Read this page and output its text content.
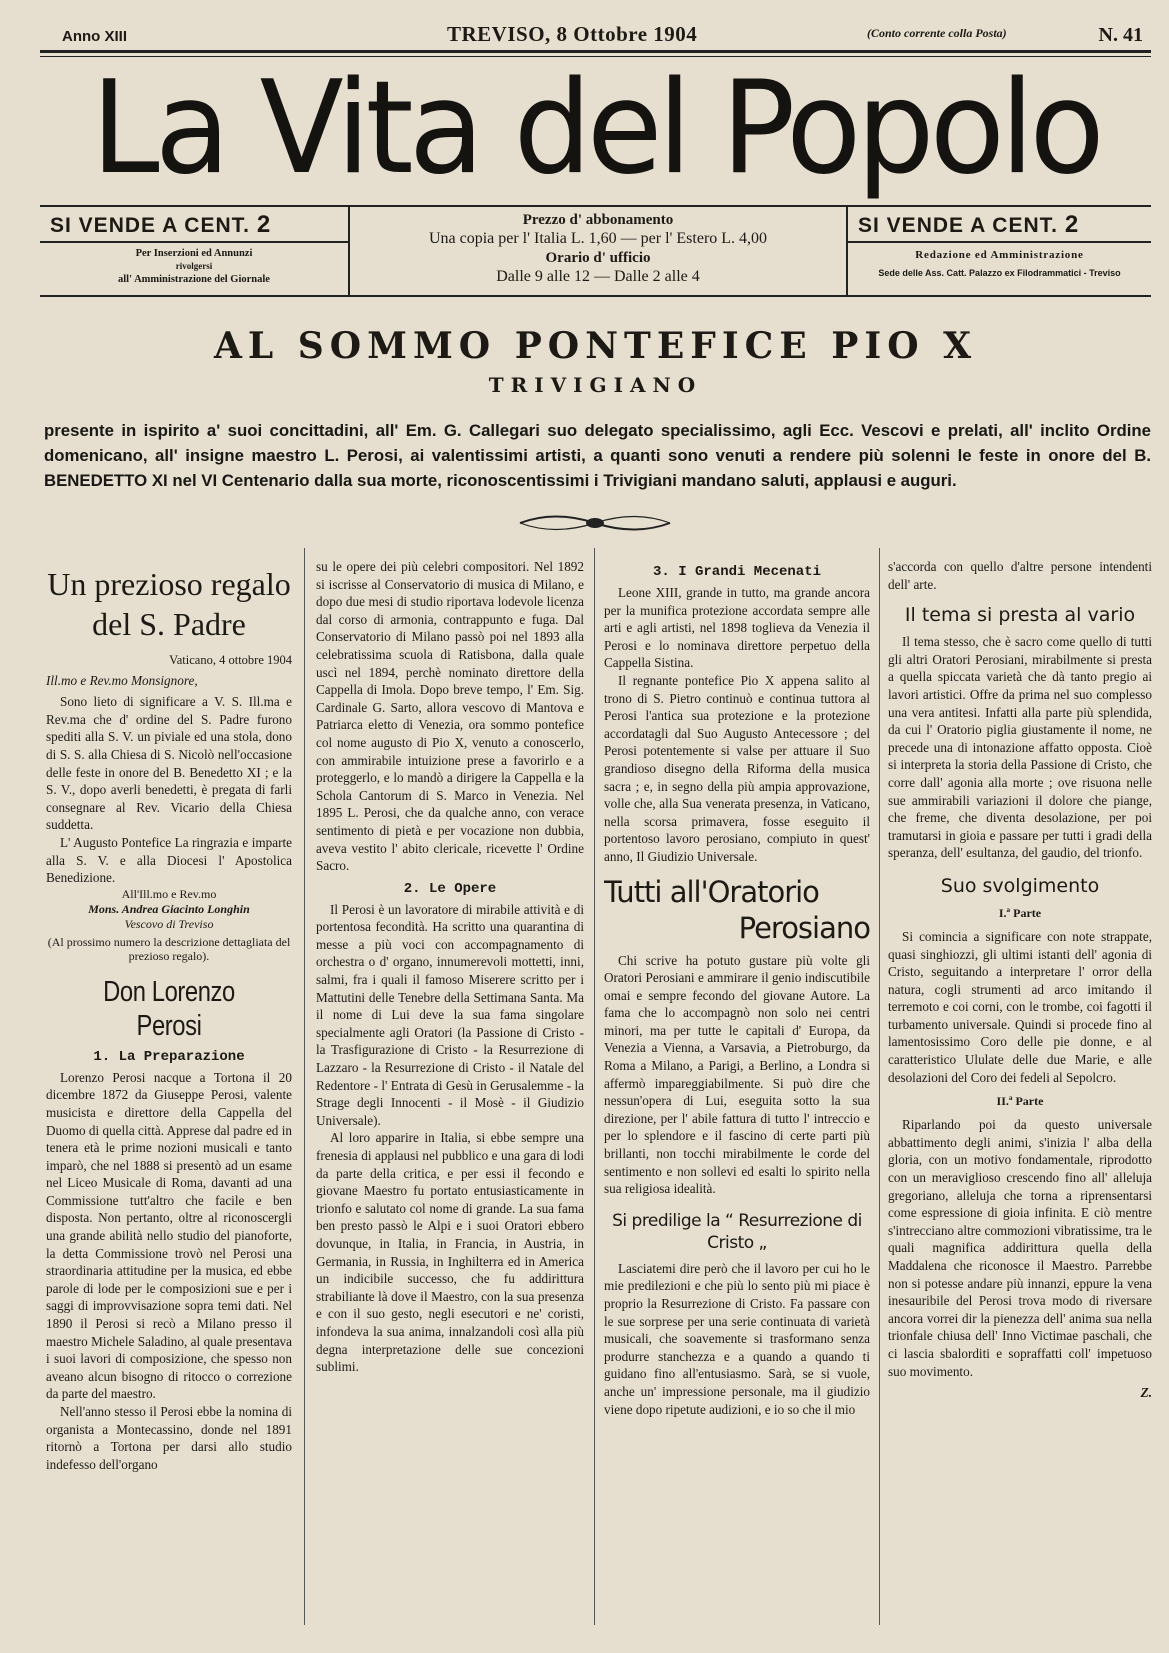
Anno XIII	TREVISO, 8 Ottobre 1904	(Conto corrente colla Posta)	N. 41
La Vita del Popolo
SI VENDE A CENT. 2
Per Inserzioni ed Annunzi
rivolgersi
all' Amministrazione del Giornale
Prezzo d' abbonamento
Una copia per l' Italia L. 1,60 — per l' Estero L. 4,00
Orario d' ufficio
Dalle 9 alle 12 — Dalle 2 alle 4
SI VENDE A CENT. 2
Redazione ed Amministrazione
Sede delle Ass. Catt. Palazzo ex Filodrammatici - Treviso
AL SOMMO PONTEFICE PIO X
TRIVIGIANO
presente in ispirito a' suoi concittadini, all' Em. G. Callegari suo delegato specialissimo, agli Ecc. Vescovi e prelati, all' inclito Ordine domenicano, all' insigne maestro L. Perosi, ai valentissimi artisti, a quanti sono venuti a rendere più solenni le feste in onore del B. BENEDETTO XI nel VI Centenario dalla sua morte, riconoscentissimi i Trivigiani mandano saluti, applausi e auguri.
Un prezioso regalo del S. Padre
Vaticano, 4 ottobre 1904
Ill.mo e Rev.mo Monsignore,

Sono lieto di significare a V. S. Ill.ma e Rev.ma che d' ordine del S. Padre furono spediti alla S. V. un piviale ed una stola, dono di S. S. alla Chiesa di S. Nicolò nell'occasione delle feste in onore del B. Benedetto XI ; e la S. V., dopo averli benedetti, è pregata di farli consegnare al Rev. Vicario della Chiesa suddetta.

L' Augusto Pontefice La ringrazia e imparte alla S. V. e alla Diocesi l' Apostolica Benedizione.

All'Ill.mo e Rev.mo
Mons. Andrea Giacinto Longhin
Vescovo di Treviso
(Al prossimo numero la descrizione dettagliata del prezioso regalo).
Don Lorenzo Perosi
1. La Preparazione

Lorenzo Perosi nacque a Tortona il 20 dicembre 1872 da Giuseppe Perosi, valente musicista e direttore della Cappella del Duomo di quella città. Apprese dal padre ed in tenera età le prime nozioni musicali e tanto imparò, che nel 1888 si presentò ad un esame nel Liceo Musicale di Roma, davanti ad una Commissione tutt'altro che facile e ben disposta. Non pertanto, oltre al riconoscergli una grande abilità nello studio del pianoforte, la detta Commissione trovò nel Perosi una straordinaria attitudine per la musica, ed ebbe parole di lode per le composizioni sue e per i saggi di improvvisazione sopra temi dati. Nel 1890 il Perosi si recò a Milano presso il maestro Michele Saladino, al quale presentava i suoi lavori di composizione, che spesso non aveano alcun bisogno di ritocco o correzione da parte del maestro.

Nell'anno stesso il Perosi ebbe la nomina di organista a Montecassino, donde nel 1891 ritornò a Tortona per darsi allo studio indefesso dell'organo

su le opere dei più celebri compositori. Nel 1892 si iscrisse al Conservatorio di musica di Milano, e dopo due mesi di studio riportava lodevole licenza dal corso di armonia, contrappunto e fuga. Dal Conservatorio di Milano passò poi nel 1893 alla celebratissima scuola di Ratisbona, dalla quale uscì nel 1894, perchè nominato direttore della Cappella di Imola. Dopo breve tempo, l' Em. Sig. Cardinale G. Sarto, allora vescovo di Mantova e Patriarca eletto di Venezia, ora sommo pontefice col nome augusto di Pio X, venuto a conoscerlo, con ammirabile intuizione prese a favorirlo e a proteggerlo, e lo mandò a dirigere la Cappella e la Schola Cantorum di S. Marco in Venezia. Nel 1895 L. Perosi, che da qualche anno, con verace sentimento di pietà e per vocazione non dubbia, aveva vestito l' abito clericale, ricevette l' Ordine Sacro.

2. Le Opere

Il Perosi è un lavoratore di mirabile attività e di portentosa fecondità. Ha scritto una quarantina di messe a più voci con accompagnamento di orchestra o d' organo, innumerevoli mottetti, inni, salmi, fra i quali il famoso Miserere scritto per i Mattutini delle Tenebre della Settimana Santa. Ma il nome di Lui deve la sua fama singolare specialmente agli Oratori (la Passione di Cristo - la Trasfigurazione di Cristo - la Resurrezione di Lazzaro - la Resurrezione di Cristo - il Natale del Redentore - l' Entrata di Gesù in Gerusalemme - la Strage degli Innocenti - il Mosè - il Giudizio Universale).

Al loro apparire in Italia, si ebbe sempre una frenesia di applausi nel pubblico e una gara di lodi da parte della critica, e per essi il fecondo e giovane Maestro fu portato entusiasticamente in trionfo e salutato col nome di grande. La sua fama ben presto passò le Alpi e i suoi Oratori ebbero dovunque, in Italia, in Francia, in Austria, in Germania, in Russia, in Inghilterra ed in America un indicibile successo, che fu addirittura strabiliante là dove il Maestro, con la sua presenza e con il suo gesto, negli esecutori e ne' coristi, infondeva la sua anima, innalzandoli così alla più degna interpretazione delle sue concezioni sublimi.

3. I Grandi Mecenati

Leone XIII, grande in tutto, ma grande ancora per la munifica protezione accordata sempre alle arti e agli artisti, nel 1898 toglieva da Venezia il Perosi e lo nominava direttore perpetuo della Cappella Sistina.

Il regnante pontefice Pio X appena salito al trono di S. Pietro continuò e continua tuttora al Perosi l'antica sua protezione e la protezione accordatagli dal Suo Augusto Antecessore ; del Perosi potentemente si valse per attuare il Suo grandioso disegno della Riforma della musica sacra ; e, in segno della più ampia approvazione, volle che, alla Sua venerata presenza, in Vaticano, nella scorsa primavera, fosse eseguito il portentoso lavoro perosiano, compiuto in quest' anno, Il Giudizio Universale.

Tutti all'Oratorio
Perosiano

Chi scrive ha potuto gustare più volte gli Oratori Perosiani e ammirare il genio indiscutibile omai e sempre fecondo del giovane Autore. La fama che lo accompagnò non solo nei centri minori, ma per tutte le capitali d' Europa, da Venezia a Vienna, a Varsavia, a Pietroburgo, da Roma a Milano, a Parigi, a Berlino, a Londra si affermò impareggiabilmente. Si può dire che nessun'opera di Lui, eseguita sotto la sua direzione, per l' abile fattura di tutto l' intreccio e per lo splendore e il fascino di certe parti più brillanti, non tocchi mirabilmente le corde del sentimento e non sollevi ed esalti lo spirito nella sua religiosa idealità.

Si predilige la “ Resurrezione di Cristo „

Lasciatemi dire però che il lavoro per cui ho le mie predilezioni e che più lo sento più mi piace è proprio la Resurrezione di Cristo. Fa passare con le sue sorprese per una serie continuata di varietà musicali, che soavemente si trasformano senza produrre stanchezza e a quando a quando ti guidano fino all'entusiasmo. Sarà, se si vuole, anche un' impressione personale, ma il giudizio viene dopo ripetute audizioni, e io so che il mio

s'accorda con quello d'altre persone intendenti dell' arte.

Il tema si presta al vario

Il tema stesso, che è sacro come quello di tutti gli altri Oratori Perosiani, mirabilmente si presta a quella spiccata varietà che dà tanto pregio ai lavori artistici. Offre da prima nel suo complesso una vera antitesi. Infatti alla parte più splendida, da cui l' Oratorio piglia giustamente il nome, ne precede una di intonazione affatto opposta. Cioè si interpreta la storia della Passione di Cristo, che corre dall' agonia alla morte ; ove risuona nelle sue ammirabili variazioni il dolore che piange, che freme, che diventa desolazione, per poi tramutarsi in gioia e passare per tutti i gradi della speranza, dell' esultanza, del gaudio, del trionfo.

Suo svolgimento
I.ª Parte

Si comincia a significare con note strappate, quasi singhiozzi, gli ultimi istanti dell' agonia di Cristo, seguitando a interpretare l' orror della natura, cogli strumenti ad arco imitando il terremoto e coi corni, con le trombe, coi fagotti il turbamento universale. Quindi si procede fino al lamentosissimo Coro delle pie donne, e al caratteristico Ululate delle due Marie, e alle desolazioni del Coro dei fedeli al Sepolcro.

II.ª Parte

Riparlando poi da questo universale abbattimento degli animi, s'inizia l' alba della gloria, con un motivo fondamentale, riprodotto con un meraviglioso crescendo fino all' alleluja gregoriano, alleluja che torna a riprensentarsi come espressione di gioia infinita. E ciò mentre s'intrecciano altre commozioni vibratissime, tra le quali magnifica addirittura quella della Maddalena che riconosce il Maestro. Parrebbe non si potesse andare più innanzi, eppure la vena inesauribile del Perosi trova modo di riversare ancora vorrei dir la pienezza dell' anima sua nella trionfale chiusa dell' Inno Victimae paschali, che ci lascia sbalorditi e sopraffatti coll' impetuoso suo movimento.

Z.
